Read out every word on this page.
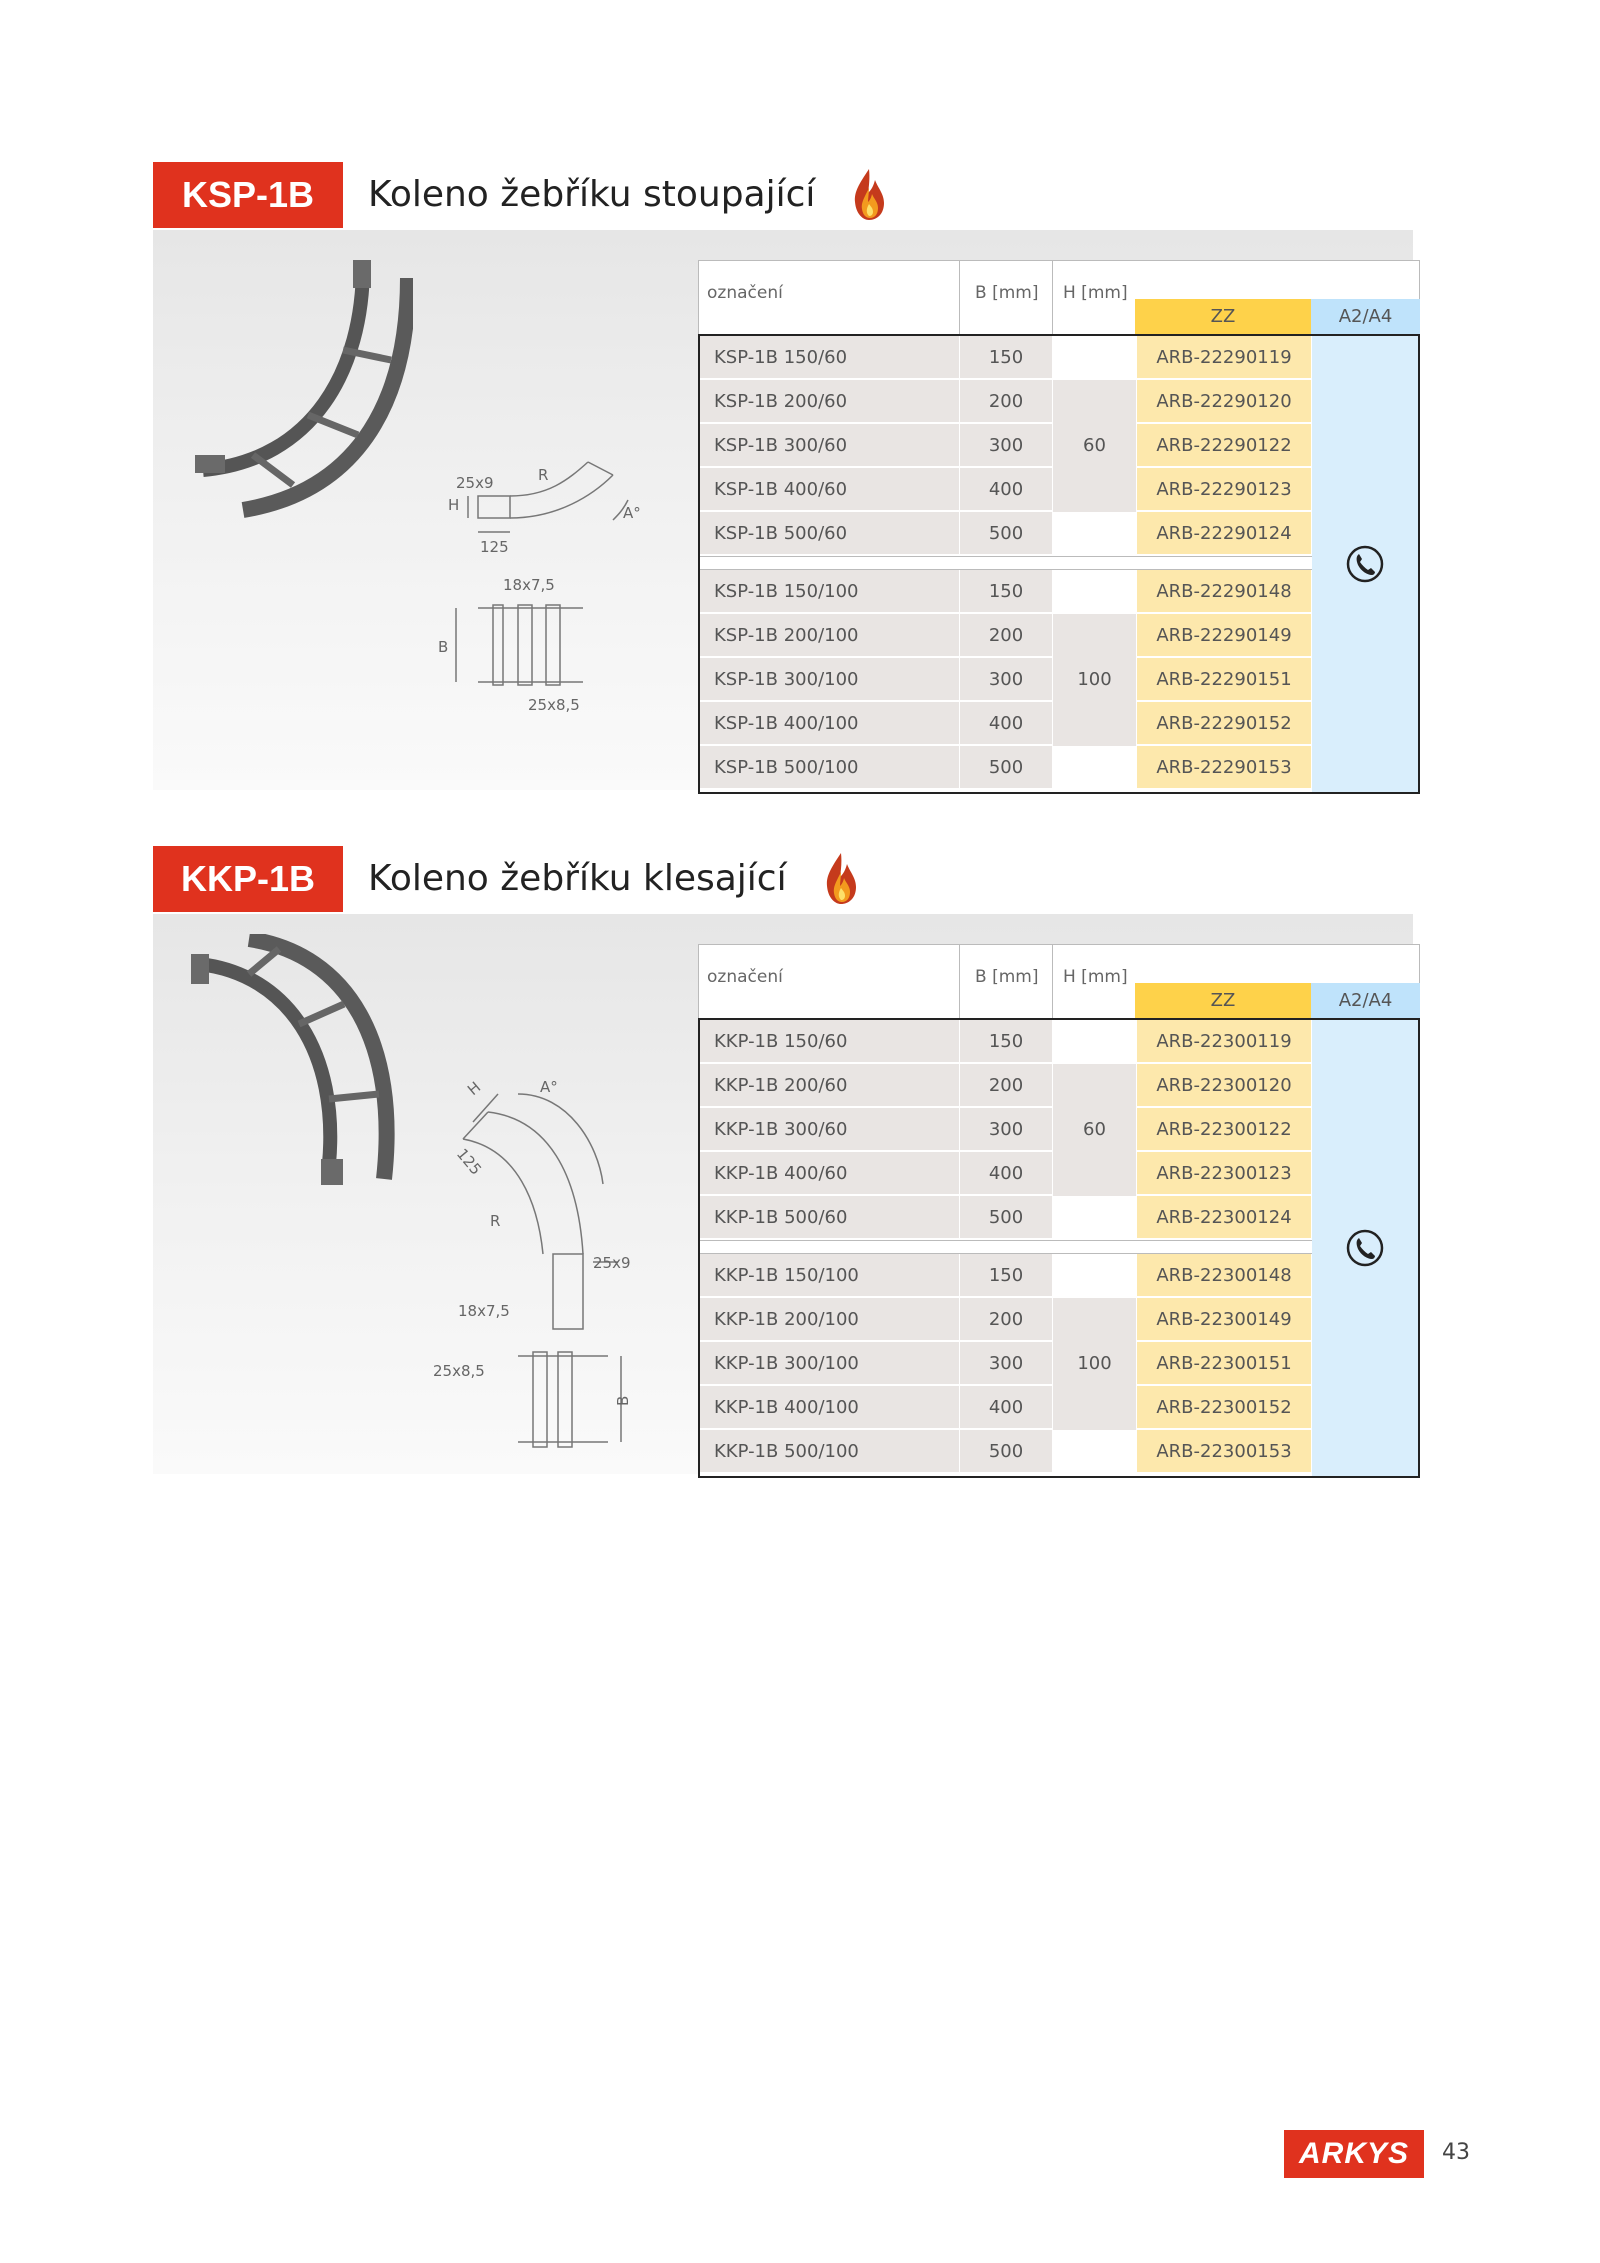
KSP-1B	Koleno žebříku stoupající
25x9	R
A°
H
125
18x7,5
B
25x8,5
označení	B [mm] H [mm]
ZZ	A2/A4
KSP-1B 150/60	150	ARB-22290119
KSP-1B 200/60	200	ARB-22290120
KSP-1B 300/60	300	ARB-22290122
KSP-1B 400/60	400	ARB-22290123
KSP-1B 500/60	500	ARB-22290124
60
KSP-1B 150/100	150	ARB-22290148
KSP-1B 200/100	200	ARB-22290149
KSP-1B 300/100	300	ARB-22290151
KSP-1B 400/100	400	ARB-22290152
KSP-1B 500/100	500	ARB-22290153
100
KKP-1B	Koleno žebříku klesající
H	A°
125
R
25x9
18x7,5
25x8,5
B
označení	B [mm] H [mm]
ZZ	A2/A4
KKP-1B 150/60	150	ARB-22300119
KKP-1B 200/60	200	ARB-22300120
KKP-1B 300/60	300	ARB-22300122
KKP-1B 400/60	400	ARB-22300123
KKP-1B 500/60	500	ARB-22300124
60
KKP-1B 150/100	150	ARB-22300148
KKP-1B 200/100	200	ARB-22300149
KKP-1B 300/100	300	ARB-22300151
KKP-1B 400/100	400	ARB-22300152
KKP-1B 500/100	500	ARB-22300153
100
ARKYS	43
